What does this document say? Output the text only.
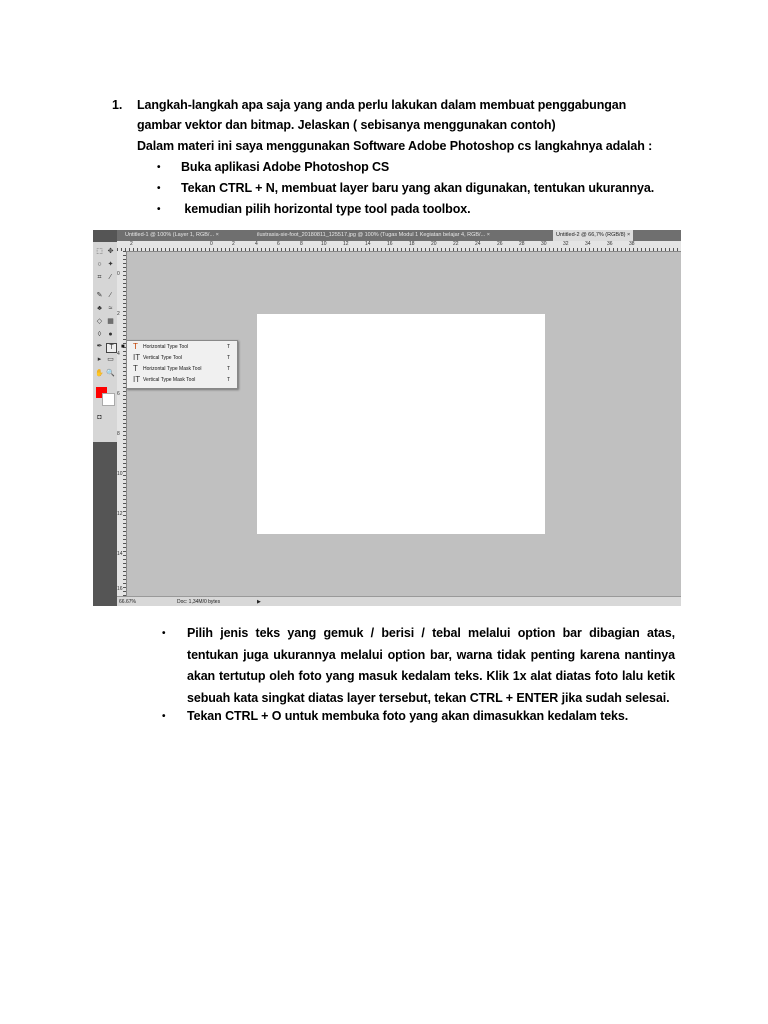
1. Langkah-langkah apa saja yang anda perlu lakukan dalam membuat penggabungan
gambar vektor dan bitmap. Jelaskan ( sebisanya menggunakan contoh)
Dalam materi ini saya menggunakan Software Adobe Photoshop cs langkahnya adalah :
• Buka aplikasi Adobe Photoshop CS
• Tekan CTRL + N, membuat layer baru yang akan digunakan, tentukan ukurannya.
• kemudian pilih horizontal type tool pada toolbox.
Untitled-1 @ 100% (Layer 1, RGB/... ×	ilustrasia-sie-foot_20180811_125517.jpg @ 100% (Tugas Modul 1 Kegiatan belajar 4, RGB/... ×	Untitled-2 @ 66,7% (RGB/8) ×
⬚ ✥
○ ✦
⌗	⁄
✎	∕
♣ ≈
◇ ▦
◊	●
✒ T
▸ ▭
✋ 🔍
◘
2	0	2	4	6	8	10	12	14	16	18	20	22	24	26	28	30	32	34	36	38
0
2
4
6
8
10
12
14
16
■ T	Horizontal Type Tool	T
IT Vertical Type Tool	T
T	Horizontal Type Mask Tool	T
IT Vertical Type Mask Tool	T
66.67%	Doc: 1,34M/0 bytes	▶
• Pilih jenis teks yang gemuk / berisi / tebal melalui option bar dibagian atas, tentukan juga ukurannya melalui option bar, warna tidak penting karena nantinya akan tertutup oleh foto yang masuk kedalam teks. Klik 1x alat diatas foto lalu ketik sebuah kata singkat diatas layer tersebut, tekan CTRL + ENTER jika sudah selesai.
• Tekan CTRL + O untuk membuka foto yang akan dimasukkan kedalam teks.
